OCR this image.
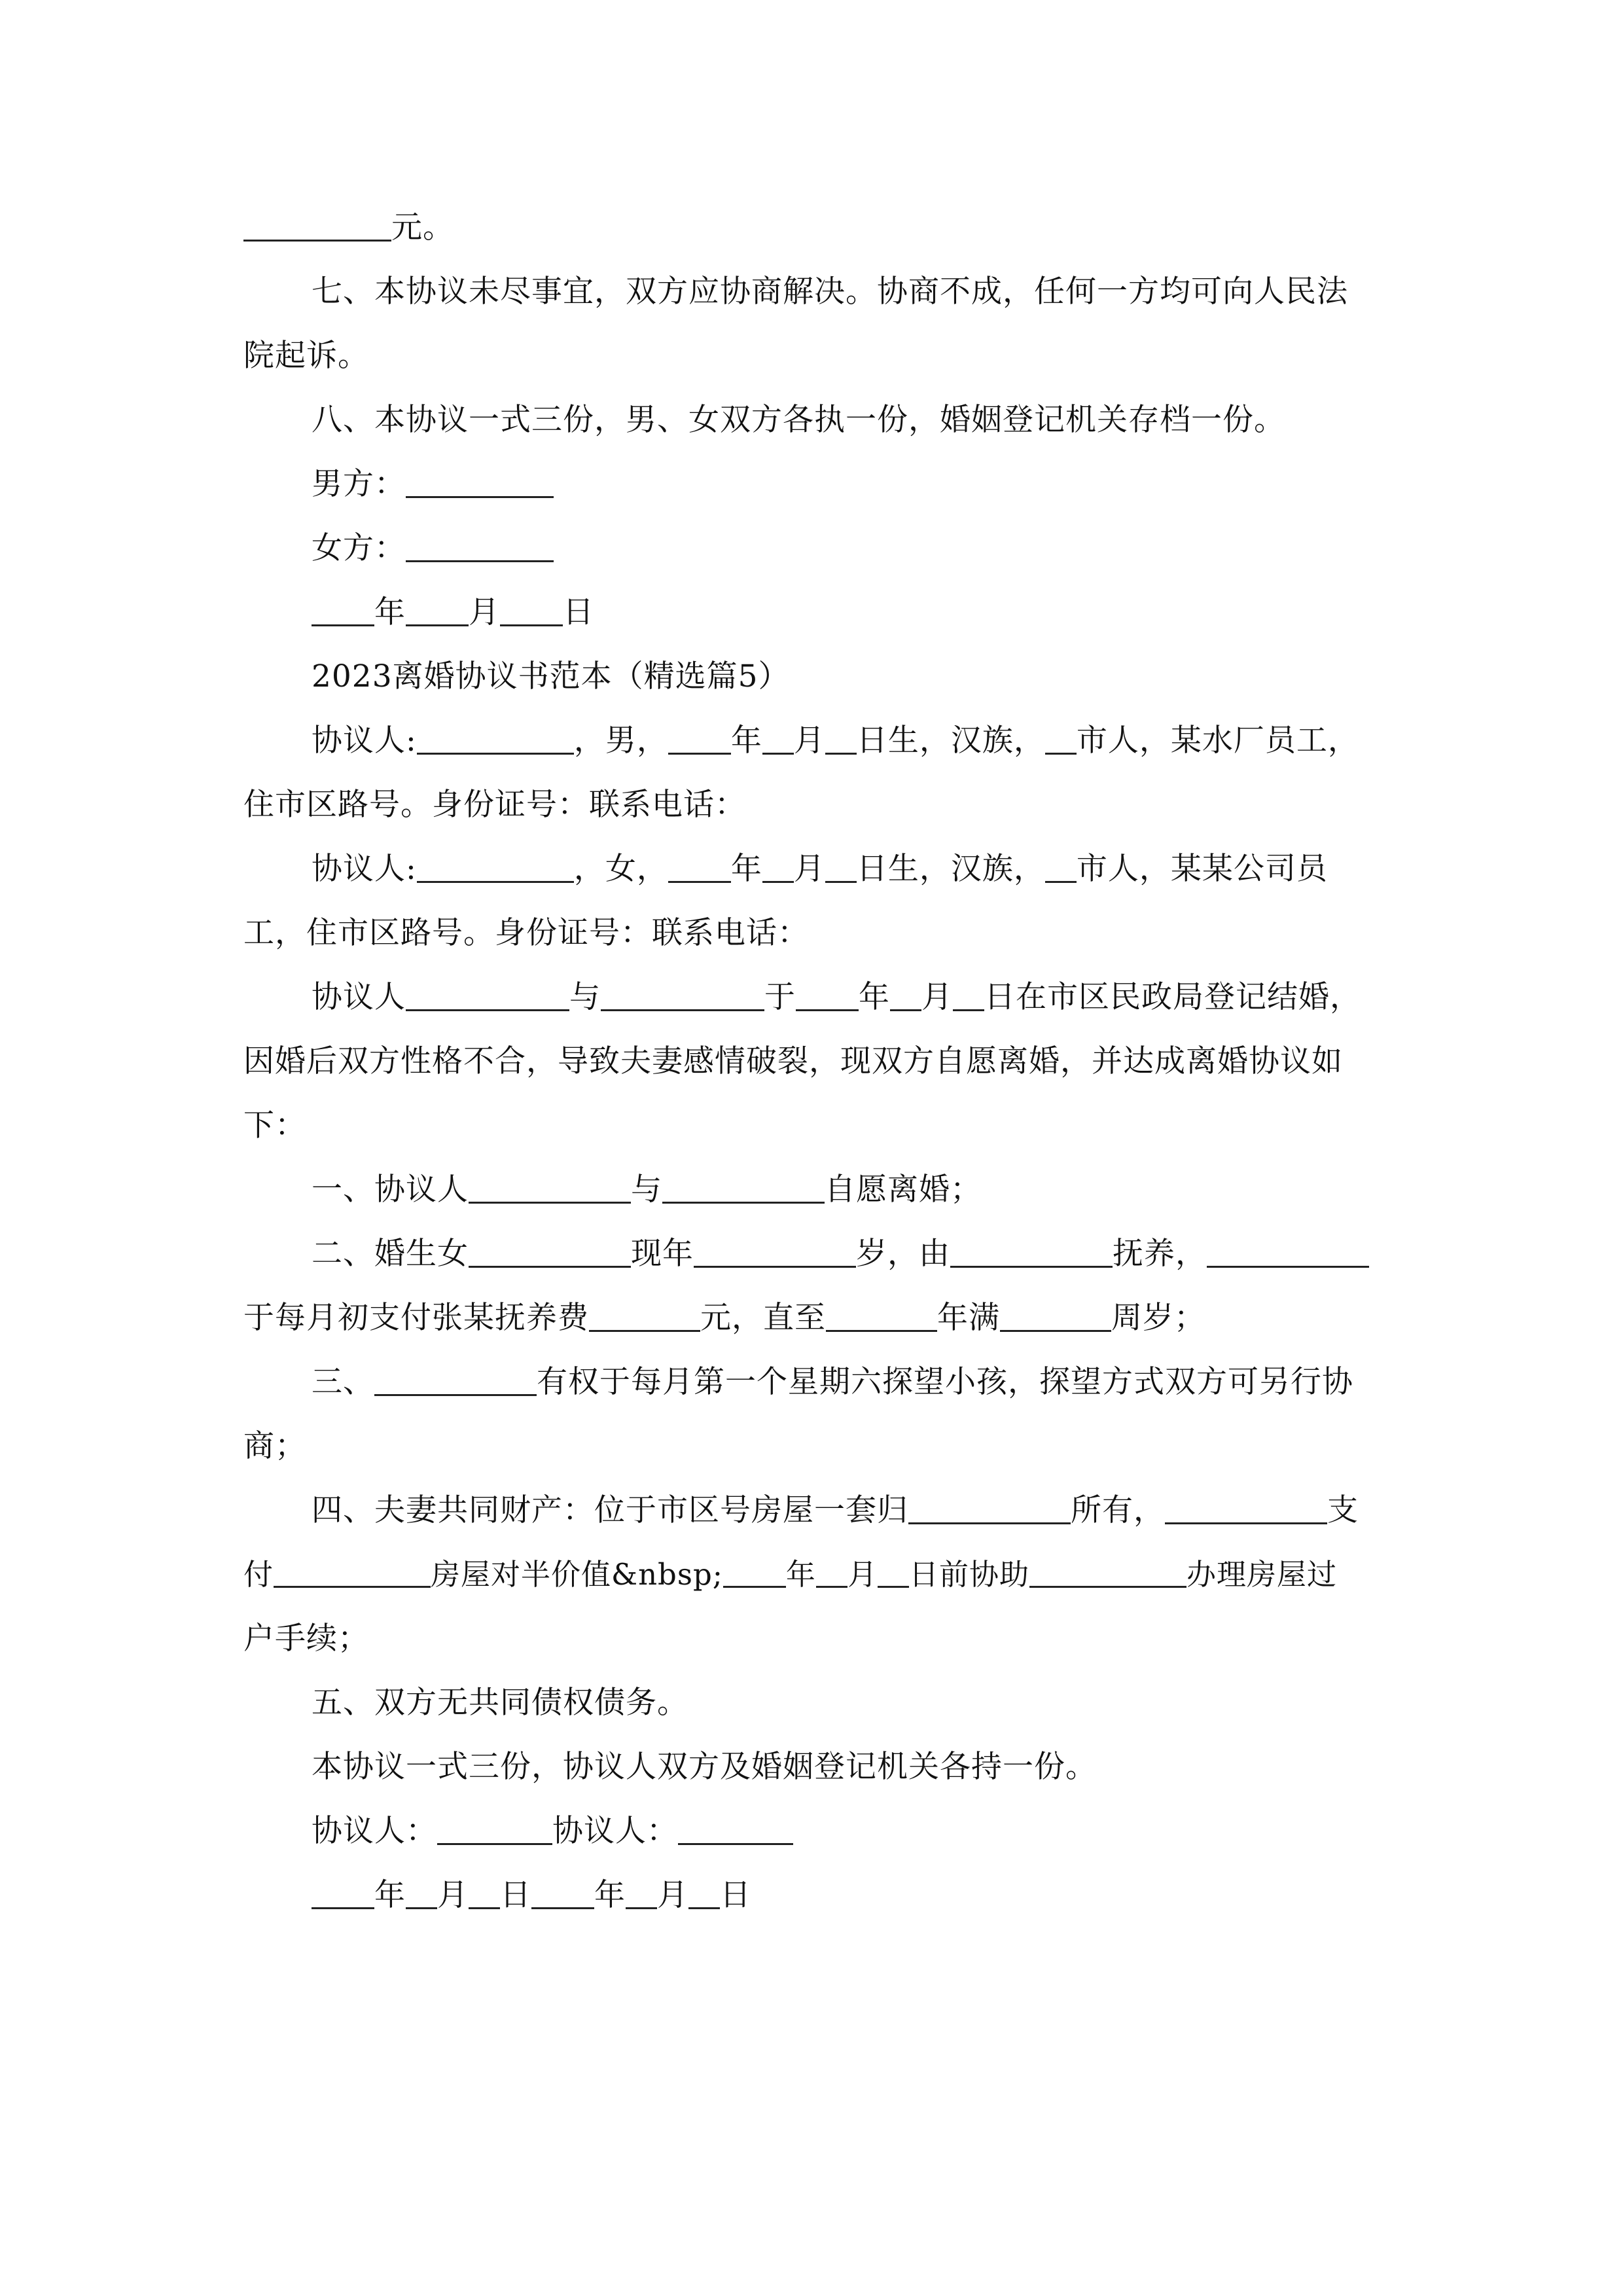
元。
七、本协议未尽事宜，双方应协商解决。协商不成，任何一方均可向人民法
院起诉。
八、本协议一式三份，男、女双方各执一份，婚姻登记机关存档一份。
男方：
女方：
年 月 日
2023离婚协议书范本（精选篇5）
协议人:	，男， 年 月 日生，汉族， 市人，某水厂员工，
住市区路号。身份证号：联系电话：
协议人:	，女， 年 月 日生，汉族， 市人，某某公司员
工，住市区路号。身份证号：联系电话：
协议人	与	于 年 月 日在市区民政局登记结婚，
因婚后双方性格不合，导致夫妻感情破裂，现双方自愿离婚，并达成离婚协议如
下：
一、协议人	与	自愿离婚；
二、婚生女	现年	岁，由	抚养，
于每月初支付张某抚养费	元，直至	年满	周岁；
三、	有权于每月第一个星期六探望小孩，探望方式双方可另行协
商；
四、夫妻共同财产：位于市区号房屋一套归	所有，	支
付	房屋对半价值&nbsp; 年 月 日前协助	办理房屋过
户手续；
五、双方无共同债权债务。
本协议一式三份，协议人双方及婚姻登记机关各持一份。
协议人：	协议人：
年 月 日 年 月 日
